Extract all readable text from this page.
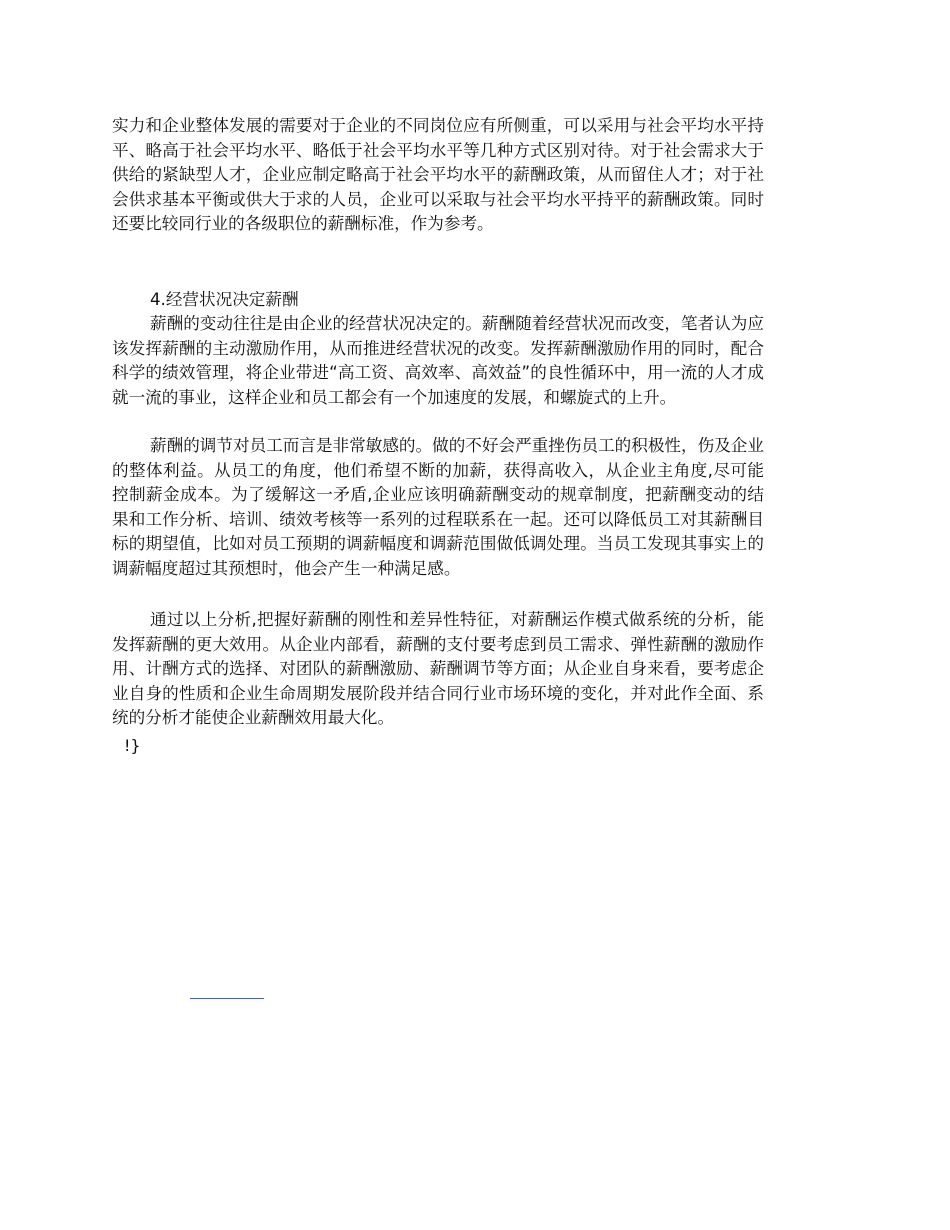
实力和企业整体发展的需要对于企业的不同岗位应有所侧重，可以采用与社会平均水平持平、略高于社会平均水平、略低于社会平均水平等几种方式区别对待。对于社会需求大于供给的紧缺型人才，企业应制定略高于社会平均水平的薪酬政策，从而留住人才；对于社会供求基本平衡或供大于求的人员，企业可以采取与社会平均水平持平的薪酬政策。同时还要比较同行业的各级职位的薪酬标准，作为参考。

4.经营状况决定薪酬

薪酬的变动往往是由企业的经营状况决定的。薪酬随着经营状况而改变，笔者认为应该发挥薪酬的主动激励作用，从而推进经营状况的改变。发挥薪酬激励作用的同时，配合科学的绩效管理，将企业带进“高工资、高效率、高效益”的良性循环中，用一流的人才成就一流的事业，这样企业和员工都会有一个加速度的发展，和螺旋式的上升。

薪酬的调节对员工而言是非常敏感的。做的不好会严重挫伤员工的积极性，伤及企业的整体利益。从员工的角度，他们希望不断的加薪，获得高收入，从企业主角度,尽可能控制薪金成本。为了缓解这一矛盾,企业应该明确薪酬变动的规章制度，把薪酬变动的结果和工作分析、培训、绩效考核等一系列的过程联系在一起。还可以降低员工对其薪酬目标的期望值，比如对员工预期的调薪幅度和调薪范围做低调处理。当员工发现其事实上的调薪幅度超过其预想时，他会产生一种满足感。

通过以上分析,把握好薪酬的刚性和差异性特征，对薪酬运作模式做系统的分析，能发挥薪酬的更大效用。从企业内部看，薪酬的支付要考虑到员工需求、弹性薪酬的激励作用、计酬方式的选择、对团队的薪酬激励、薪酬调节等方面；从企业自身来看，要考虑企业自身的性质和企业生命周期发展阶段并结合同行业市场环境的变化，并对此作全面、系统的分析才能使企业薪酬效用最大化。

!}
